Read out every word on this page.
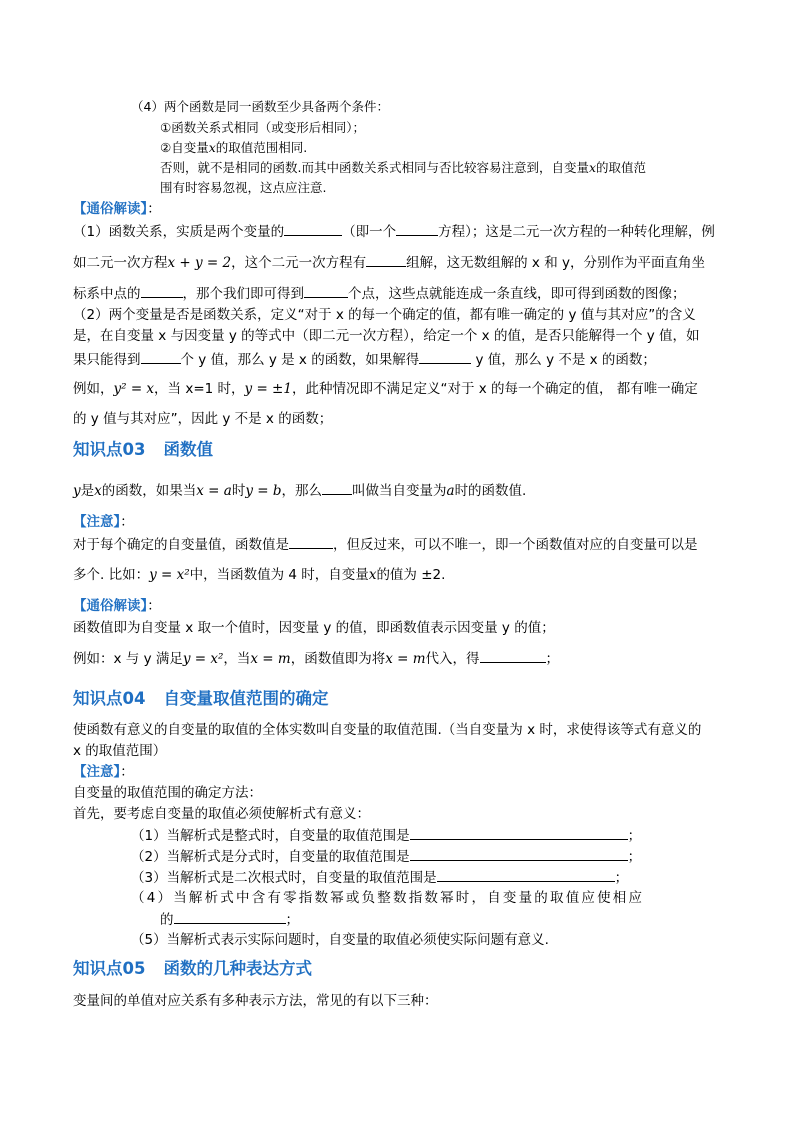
（4）两个函数是同一函数至少具备两个条件：
①函数关系式相同（或变形后相同）；
②自变量x的取值范围相同.
否则，就不是相同的函数.而其中函数关系式相同与否比较容易注意到，自变量x的取值范
围有时容易忽视，这点应注意.
【通俗解读】：
（1）函数关系，实质是两个变量的	（即一个	方程）；这是二元一次方程的一种转化理解，例
如二元一次方程x + y = 2，这个二元一次方程有	组解，这无数组解的 x 和 y，分别作为平面直角坐
标系中点的	，那个我们即可得到	个点，这些点就能连成一条直线，即可得到函数的图像；
（2）两个变量是否是函数关系，定义“对于 x 的每一个确定的值，都有唯一确定的 y 值与其对应”的含义
是，在自变量 x 与因变量 y 的等式中（即二元一次方程），给定一个 x 的值，是否只能解得一个 y 值，如
果只能得到	个 y 值，那么 y 是 x 的函数，如果解得	y 值，那么 y 不是 x 的函数；
例如，y² = x，当 x=1 时，y = ±1，此种情况即不满足定义“对于 x 的每一个确定的值， 都有唯一确定
的 y 值与其对应”，因此 y 不是 x 的函数；
知识点03 函数值
y是x的函数，如果当x = a时y = b，那么 叫做当自变量为a时的函数值.
【注意】：
对于每个确定的自变量值，函数值是	，但反过来，可以不唯一，即一个函数值对应的自变量可以是
多个. 比如：y = x²中，当函数值为 4 时，自变量x的值为 ±2.
【通俗解读】：
函数值即为自变量 x 取一个值时，因变量 y 的值，即函数值表示因变量 y 的值；
例如：x 与 y 满足y = x²，当x = m，函数值即为将x = m代入，得	；
知识点04 自变量取值范围的确定
使函数有意义的自变量的取值的全体实数叫自变量的取值范围.（当自变量为 x 时，求使得该等式有意义的
x 的取值范围）
【注意】：
自变量的取值范围的确定方法：
首先，要考虑自变量的取值必须使解析式有意义：
（1）当解析式是整式时，自变量的取值范围是	；
（2）当解析式是分式时，自变量的取值范围是	；
（3）当解析式是二次根式时，自变量的取值范围是	；
（4）当解析式中含有零指数幂或负整数指数幂时，自变量的取值应使相应
的	；
（5）当解析式表示实际问题时，自变量的取值必须使实际问题有意义.
知识点05 函数的几种表达方式
变量间的单值对应关系有多种表示方法，常见的有以下三种：
